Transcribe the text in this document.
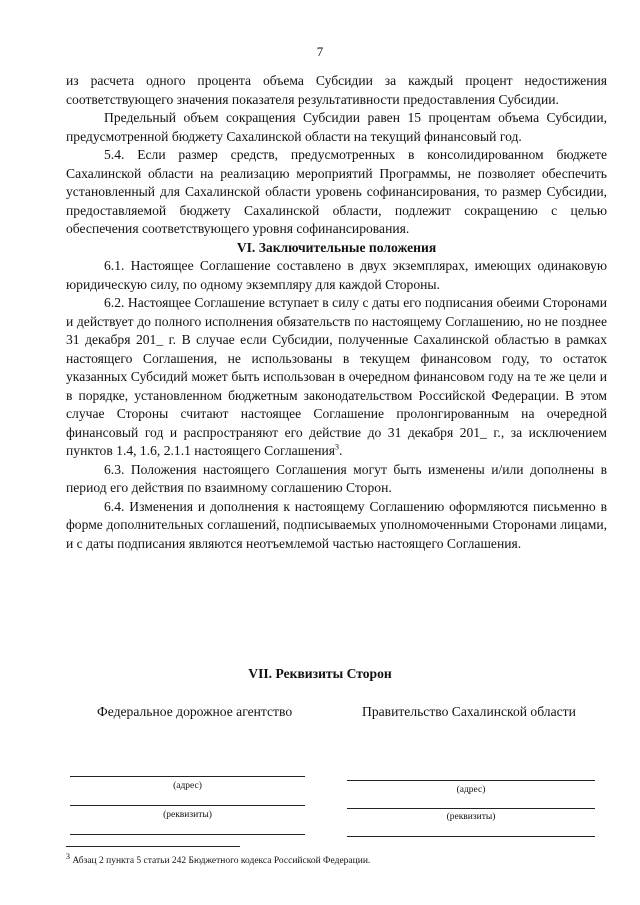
7

из расчета одного процента объема Субсидии за каждый процент недостижения соответствующего значения показателя результативности предоставления Субсидии.

Предельный объем сокращения Субсидии равен 15 процентам объема Субсидии, предусмотренной бюджету Сахалинской области на текущий финансовый год.

5.4. Если размер средств, предусмотренных в консолидированном бюджете Сахалинской области на реализацию мероприятий Программы, не позволяет обеспечить установленный для Сахалинской области уровень софинансирования, то размер Субсидии, предоставляемой бюджету Сахалинской области, подлежит сокращению с целью обеспечения соответствующего уровня софинансирования.

VI. Заключительные положения

6.1. Настоящее Соглашение составлено в двух экземплярах, имеющих одинаковую юридическую силу, по одному экземпляру для каждой Стороны.

6.2. Настоящее Соглашение вступает в силу с даты его подписания обеими Сторонами и действует до полного исполнения обязательств по настоящему Соглашению, но не позднее 31 декабря 201_ г. В случае если Субсидии, полученные Сахалинской областью в рамках настоящего Соглашения, не использованы в текущем финансовом году, то остаток указанных Субсидий может быть использован в очередном финансовом году на те же цели и в порядке, установленном бюджетным законодательством Российской Федерации. В этом случае Стороны считают настоящее Соглашение пролонгированным на очередной финансовый год и распространяют его действие до 31 декабря 201_ г., за исключением пунктов 1.4, 1.6, 2.1.1 настоящего Соглашения$^3$.

6.3. Положения настоящего Соглашения могут быть изменены и/или дополнены в период его действия по взаимному соглашению Сторон.

6.4. Изменения и дополнения к настоящему Соглашению оформляются письменно в форме дополнительных соглашений, подписываемых уполномоченными Сторонами лицами, и с даты подписания являются неотъемлемой частью настоящего Соглашения.

VII. Реквизиты Сторон
Федеральное дорожное агентство	Правительство Сахалинской области
(адрес)
(реквизиты)
(адрес)
(реквизиты)
$^3$ Абзац 2 пункта 5 статьи 242 Бюджетного кодекса Российской Федерации.
